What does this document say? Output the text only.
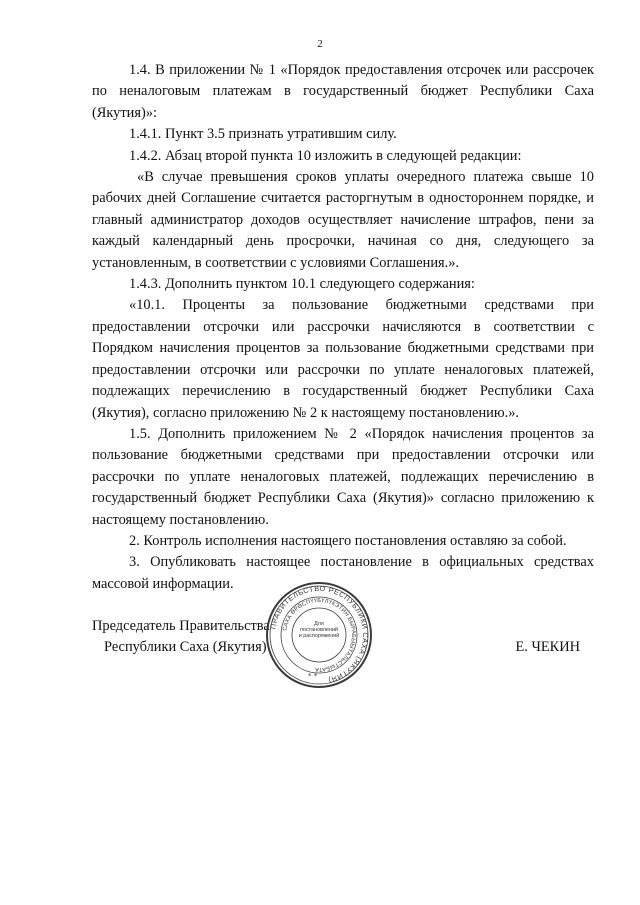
2

1.4. В приложении № 1 «Порядок предоставления отсрочек или рассрочек по неналоговым платежам в государственный бюджет Республики Саха (Якутия)»:

1.4.1. Пункт 3.5 признать утратившим силу.

1.4.2. Абзац второй пункта 10 изложить в следующей редакции:

«В случае превышения сроков уплаты очередного платежа свыше 10 рабочих дней Соглашение считается расторгнутым в одностороннем порядке, и главный администратор доходов осуществляет начисление штрафов, пени за каждый календарный день просрочки, начиная со дня, следующего за установленным, в соответствии с условиями Соглашения.».

1.4.3. Дополнить пунктом 10.1 следующего содержания:

«10.1. Проценты за пользование бюджетными средствами при предоставлении отсрочки или рассрочки начисляются в соответствии с Порядком начисления процентов за пользование бюджетными средствами при предоставлении отсрочки или рассрочки по уплате неналоговых платежей, подлежащих перечислению в государственный бюджет Республики Саха (Якутия), согласно приложению № 2 к настоящему постановлению.».

1.5. Дополнить приложением № 2 «Порядок начисления процентов за пользование бюджетными средствами при предоставлении отсрочки или рассрочки по уплате неналоговых платежей, подлежащих перечислению в государственный бюджет Республики Саха (Якутия)» согласно приложению к настоящему постановлению.

2. Контроль исполнения настоящего постановления оставляю за собой.

3. Опубликовать настоящее постановление в официальных средствах массовой информации.

Председатель Правительства
Республики Саха (Якутия)	Е. ЧЕКИН
ПРАВИТЕЛЬСТВО РЕСПУБЛИКИ САХА (ЯКУТИЯ)
САХА ӨРӨСПҮҮБҮЛҮКЭТИН БЫРАБЫЫТАЛЬСТЫБАТА
* *
Для постановлений и распоряжений
